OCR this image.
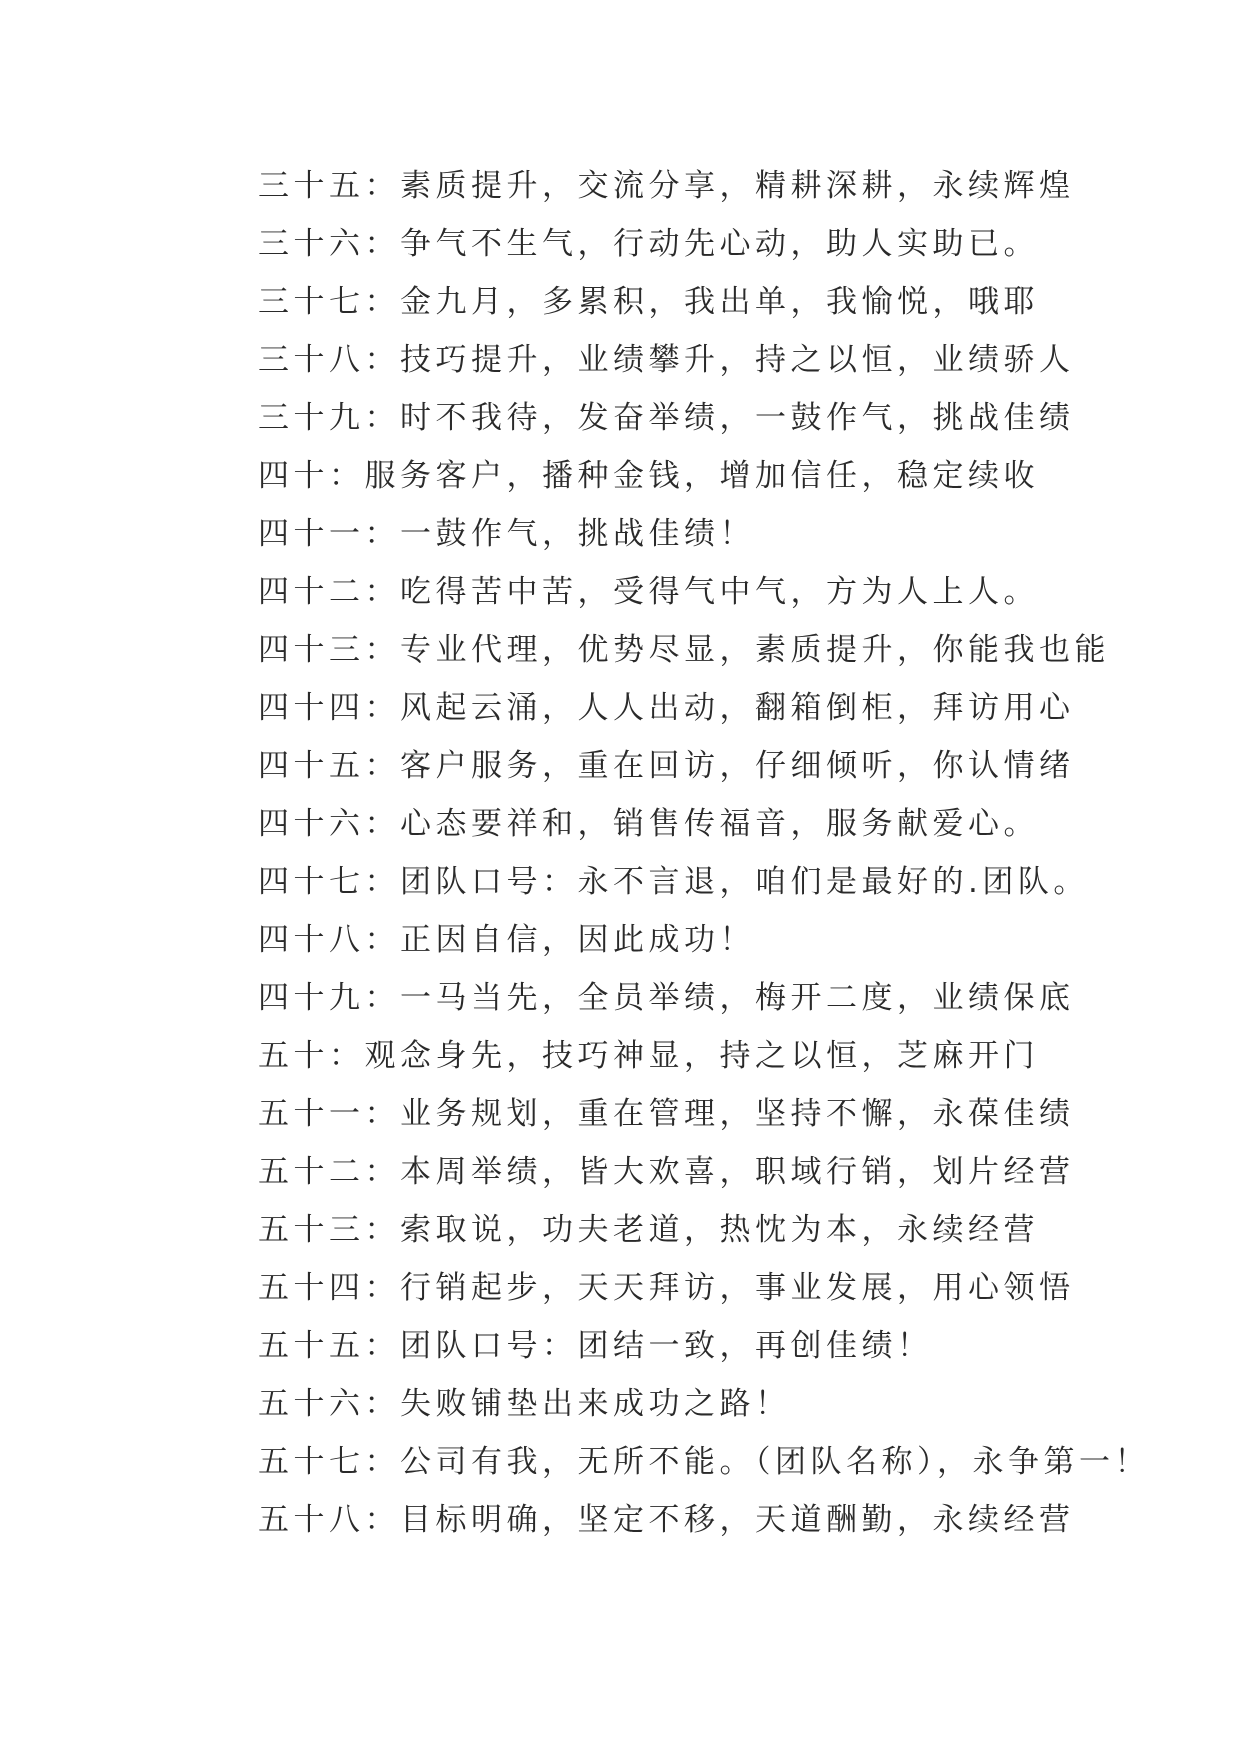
三十五：素质提升，交流分享，精耕深耕，永续辉煌
三十六：争气不生气，行动先心动，助人实助已。
三十七：金九月，多累积，我出单，我愉悦，哦耶
三十八：技巧提升，业绩攀升，持之以恒，业绩骄人
三十九：时不我待，发奋举绩，一鼓作气，挑战佳绩
四十：服务客户，播种金钱，增加信任，稳定续收
四十一：一鼓作气，挑战佳绩！
四十二：吃得苦中苦，受得气中气，方为人上人。
四十三：专业代理，优势尽显，素质提升，你能我也能
四十四：风起云涌，人人出动，翻箱倒柜，拜访用心
四十五：客户服务，重在回访，仔细倾听，你认情绪
四十六：心态要祥和，销售传福音，服务献爱心。
四十七：团队口号：永不言退，咱们是最好的.团队。
四十八：正因自信，因此成功！
四十九：一马当先，全员举绩，梅开二度，业绩保底
五十：观念身先，技巧神显，持之以恒，芝麻开门
五十一：业务规划，重在管理，坚持不懈，永葆佳绩
五十二：本周举绩，皆大欢喜，职域行销，划片经营
五十三：索取说，功夫老道，热忱为本，永续经营
五十四：行销起步，天天拜访，事业发展，用心领悟
五十五：团队口号：团结一致，再创佳绩！
五十六：失败铺垫出来成功之路！
五十七：公司有我，无所不能。（团队名称），永争第一！
五十八：目标明确，坚定不移，天道酬勤，永续经营
